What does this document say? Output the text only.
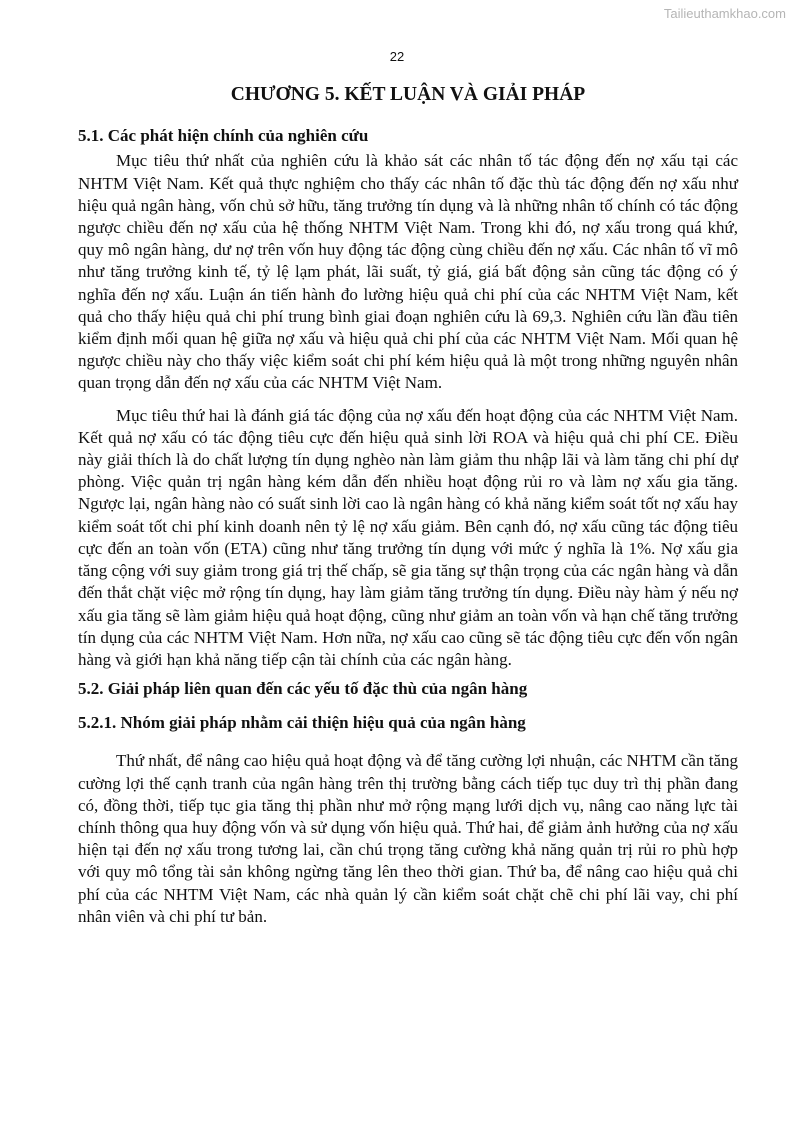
Tailieuthamkhao.com
22
CHƯƠNG 5. KẾT LUẬN VÀ GIẢI PHÁP
5.1. Các phát hiện chính của nghiên cứu

Mục tiêu thứ nhất của nghiên cứu là khảo sát các nhân tố tác động đến nợ xấu tại các NHTM Việt Nam. Kết quả thực nghiệm cho thấy các nhân tố đặc thù tác động đến nợ xấu như hiệu quả ngân hàng, vốn chủ sở hữu, tăng trưởng tín dụng và là những nhân tố chính có tác động ngược chiều đến nợ xấu của hệ thống NHTM Việt Nam. Trong khi đó, nợ xấu trong quá khứ, quy mô ngân hàng, dư nợ trên vốn huy động tác động cùng chiều đến nợ xấu. Các nhân tố vĩ mô như tăng trưởng kinh tế, tỷ lệ lạm phát, lãi suất, tỷ giá, giá bất động sản cũng tác động có ý nghĩa đến nợ xấu. Luận án tiến hành đo lường hiệu quả chi phí của các NHTM Việt Nam, kết quả cho thấy hiệu quả chi phí trung bình giai đoạn nghiên cứu là 69,3. Nghiên cứu lần đầu tiên kiểm định mối quan hệ giữa nợ xấu và hiệu quả chi phí của các NHTM Việt Nam. Mối quan hệ ngược chiều này cho thấy việc kiểm soát chi phí kém hiệu quả là một trong những nguyên nhân quan trọng dẫn đến nợ xấu của các NHTM Việt Nam.

Mục tiêu thứ hai là đánh giá tác động của nợ xấu đến hoạt động của các NHTM Việt Nam. Kết quả nợ xấu có tác động tiêu cực đến hiệu quả sinh lời ROA và hiệu quả chi phí CE. Điều này giải thích là do chất lượng tín dụng nghèo nàn làm giảm thu nhập lãi và làm tăng chi phí dự phòng. Việc quản trị ngân hàng kém dẫn đến nhiều hoạt động rủi ro và làm nợ xấu gia tăng. Ngược lại, ngân hàng nào có suất sinh lời cao là ngân hàng có khả năng kiểm soát tốt nợ xấu hay kiểm soát tốt chi phí kinh doanh nên tỷ lệ nợ xấu giảm. Bên cạnh đó, nợ xấu cũng tác động tiêu cực đến an toàn vốn (ETA) cũng như tăng trưởng tín dụng với mức ý nghĩa là 1%. Nợ xấu gia tăng cộng với suy giảm trong giá trị thế chấp, sẽ gia tăng sự thận trọng của các ngân hàng và dẫn đến thắt chặt việc mở rộng tín dụng, hay làm giảm tăng trưởng tín dụng. Điều này hàm ý nếu nợ xấu gia tăng sẽ làm giảm hiệu quả hoạt động, cũng như giảm an toàn vốn và hạn chế tăng trưởng tín dụng của các NHTM Việt Nam. Hơn nữa, nợ xấu cao cũng sẽ tác động tiêu cực đến vốn ngân hàng và giới hạn khả năng tiếp cận tài chính của các ngân hàng.

5.2. Giải pháp liên quan đến các yếu tố đặc thù của ngân hàng
5.2.1. Nhóm giải pháp nhằm cải thiện hiệu quả của ngân hàng

Thứ nhất, để nâng cao hiệu quả hoạt động và để tăng cường lợi nhuận, các NHTM cần tăng cường lợi thế cạnh tranh của ngân hàng trên thị trường bằng cách tiếp tục duy trì thị phần đang có, đồng thời, tiếp tục gia tăng thị phần như mở rộng mạng lưới dịch vụ, nâng cao năng lực tài chính thông qua huy động vốn và sử dụng vốn hiệu quả. Thứ hai, để giảm ảnh hưởng của nợ xấu hiện tại đến nợ xấu trong tương lai, cần chú trọng tăng cường khả năng quản trị rủi ro phù hợp với quy mô tổng tài sản không ngừng tăng lên theo thời gian. Thứ ba, để nâng cao hiệu quả chi phí của các NHTM Việt Nam, các nhà quản lý cần kiểm soát chặt chẽ chi phí lãi vay, chi phí nhân viên và chi phí tư bản.
